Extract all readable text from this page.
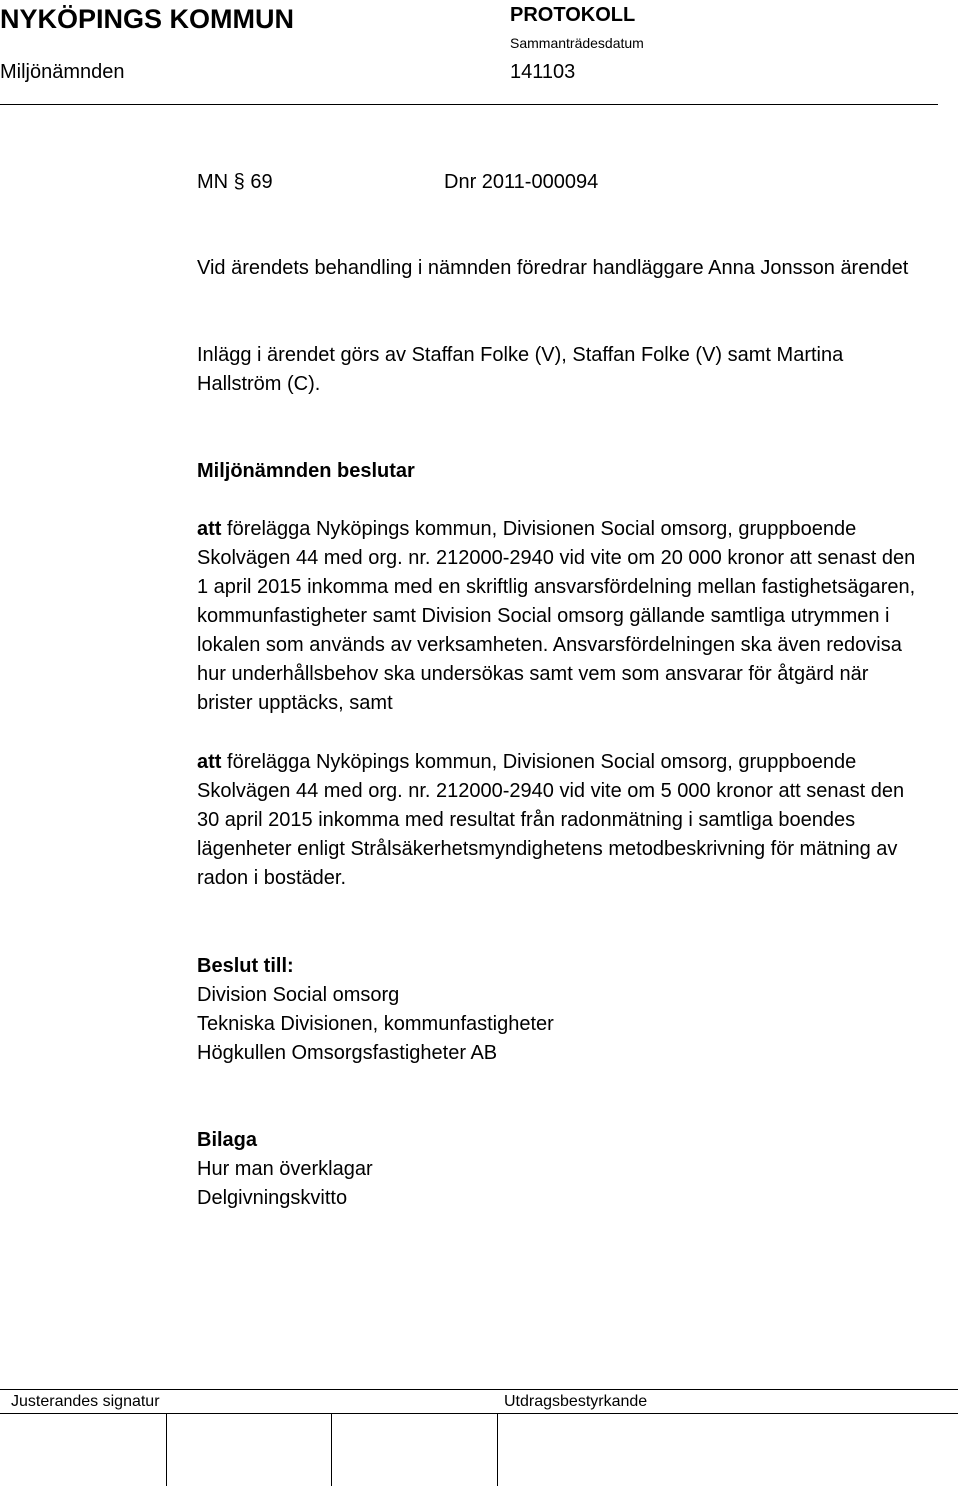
NYKÖPINGS KOMMUN	PROTOKOLL
Sammanträdesdatum
Miljönämnden	141103
MN § 69	Dnr 2011-000094

Vid ärendets behandling i nämnden föredrar handläggare Anna Jonsson ärendet

Inlägg i ärendet görs av Staffan Folke (V), Staffan Folke (V) samt Martina Hallström (C).

Miljönämnden beslutar

att förelägga Nyköpings kommun, Divisionen Social omsorg, gruppboende Skolvägen 44 med org. nr. 212000-2940 vid vite om 20 000 kronor att senast den 1 april 2015 inkomma med en skriftlig ansvarsfördelning mellan fastighetsägaren, kommunfastigheter samt Division Social omsorg gällande samtliga utrymmen i lokalen som används av verksamheten. Ansvarsfördelningen ska även redovisa hur underhållsbehov ska undersökas samt vem som ansvarar för åtgärd när brister upptäcks, samt

att förelägga Nyköpings kommun, Divisionen Social omsorg, gruppboende Skolvägen 44 med org. nr. 212000-2940 vid vite om 5 000 kronor att senast den 30 april 2015 inkomma med resultat från radonmätning i samtliga boendes lägenheter enligt Strålsäkerhetsmyndighetens metodbeskrivning för mätning av radon i bostäder.

Beslut till:
Division Social omsorg
Tekniska Divisionen, kommunfastigheter
Högkullen Omsorgsfastigheter AB
Bilaga
Hur man överklagar
Delgivningskvitto
Justerandes signatur	Utdragsbestyrkande
